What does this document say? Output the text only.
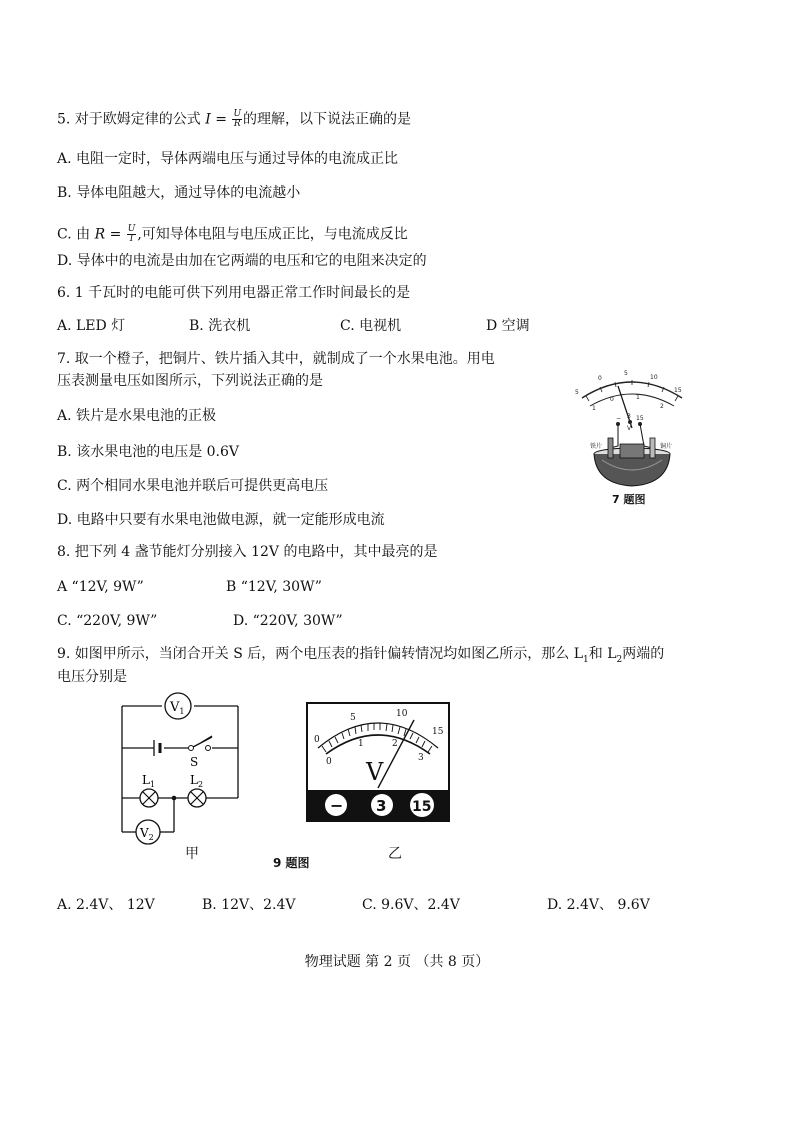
5. 对于欧姆定律的公式 $I = \frac{U}{R}$ 的理解，以下说法正确的是
A. 电阻一定时，导体两端电压与通过导体的电流成正比
B. 导体电阻越大，通过导体的电流越小
C. 由 $R = \frac{U}{I}$ ,可知导体电阻与电压成正比，与电流成反比
D. 导体中的电流是由加在它两端的电压和它的电阻来决定的
6. 1 千瓦时的电能可供下列用电器正常工作时间最长的是
A. LED 灯	B. 洗衣机	C. 电视机	D 空调
7. 取一个橙子，把铜片、铁片插入其中，就制成了一个水果电池。用电
压表测量电压如图所示，下列说法正确的是
A. 铁片是水果电池的正极
B. 该水果电池的电压是 0.6V
C. 两个相同水果电池并联后可提供更高电压
D. 电路中只要有水果电池做电源，就一定能形成电流
5
0
5
10
15
1
0	1
2
− 3 15
V
铁片	铜片
7 题图
8. 把下列 4 盏节能灯分别接入 12V 的电路中，其中最亮的是
A “12V, 9W”	B “12V, 30W”
C. “220V, 9W”	D. “220V, 30W”
9. 如图甲所示，当闭合开关 S 后，两个电压表的指针偏转情况均如图乙所示，那么 $L_1$和 $L_2$两端的
电压分别是
$V_1$
$V_2$
S
$L_1$	$L_2$
0
5	10
15
0
1	2
3
V
− 3 15
甲	乙
9 题图
A. 2.4V、 12V	B. 12V、2.4V	C. 9.6V、2.4V	D. 2.4V、 9.6V
物理试题 第 2 页 （共 8 页）
